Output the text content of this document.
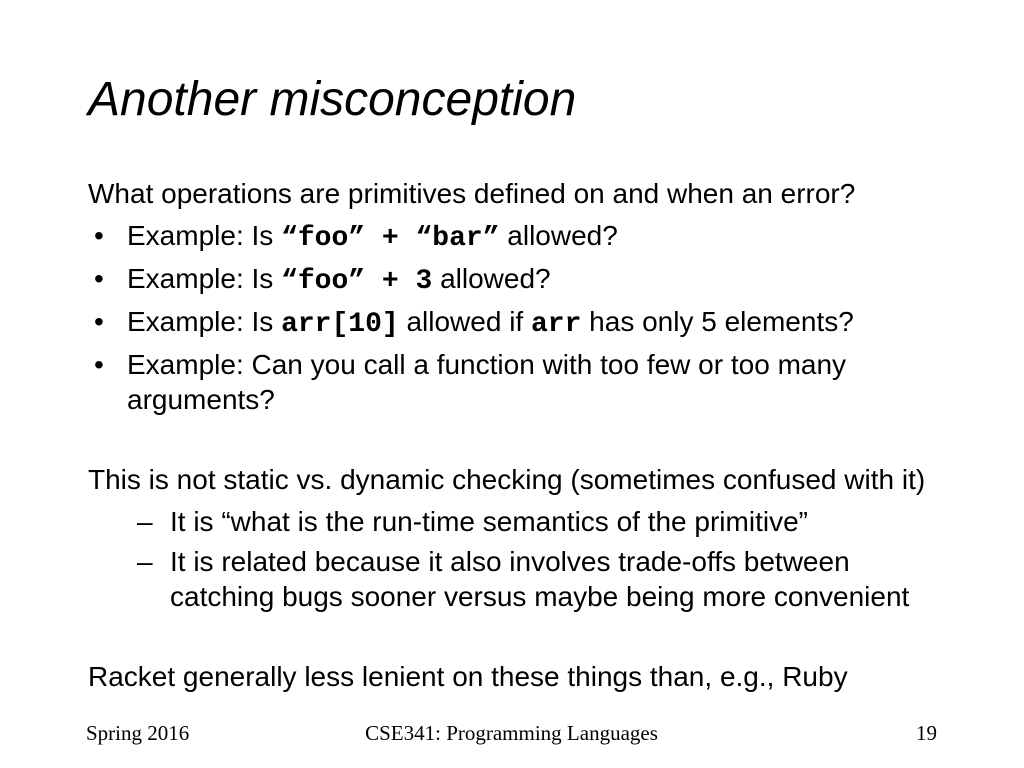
Another misconception

What operations are primitives defined on and when an error?

• Example: Is “foo” + “bar” allowed?
• Example: Is “foo” + 3 allowed?
• Example: Is arr[10] allowed if arr has only 5 elements?
• Example: Can you call a function with too few or too many arguments?

This is not static vs. dynamic checking (sometimes confused with it)

– It is “what is the run-time semantics of the primitive”
– It is related because it also involves trade-offs between catching bugs sooner versus maybe being more convenient

Racket generally less lenient on these things than, e.g., Ruby

Spring 2016	CSE341: Programming Languages	19
